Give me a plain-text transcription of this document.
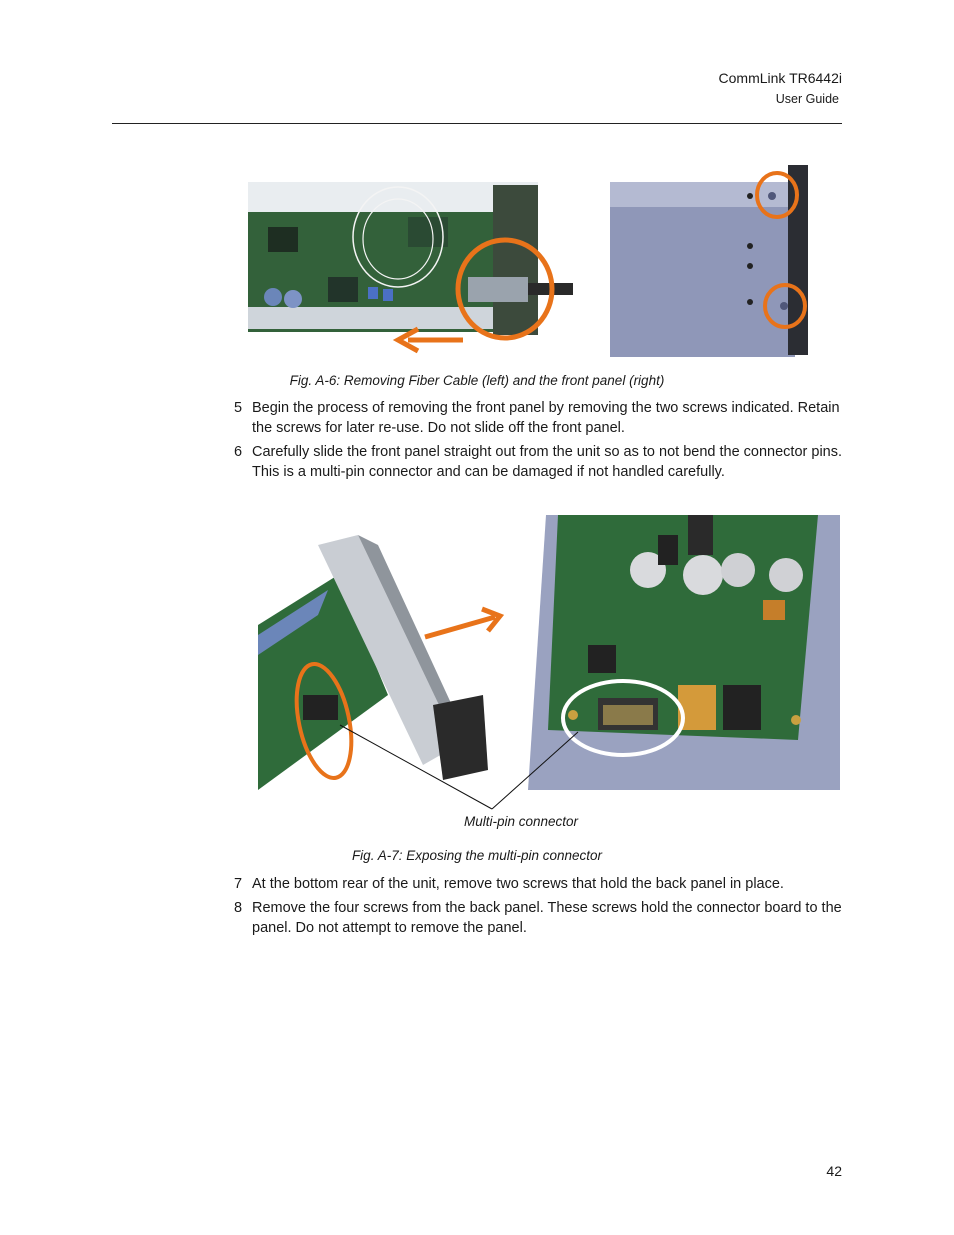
CommLink TR6442i
User Guide
Fig. A-6: Removing Fiber Cable (left) and the front panel (right)
5 Begin the process of removing the front panel by removing the two screws indicated. Retain the screws for later re-use. Do not slide off the front panel.
6 Carefully slide the front panel straight out from the unit so as to not bend the connector pins. This is a multi-pin connector and can be damaged if not handled carefully.
Multi-pin connector
Fig. A-7: Exposing the multi-pin connector
7 At the bottom rear of the unit, remove two screws that hold the back panel in place.
8 Remove the four screws from the back panel. These screws hold the connector board to the panel. Do not attempt to remove the panel.
42
